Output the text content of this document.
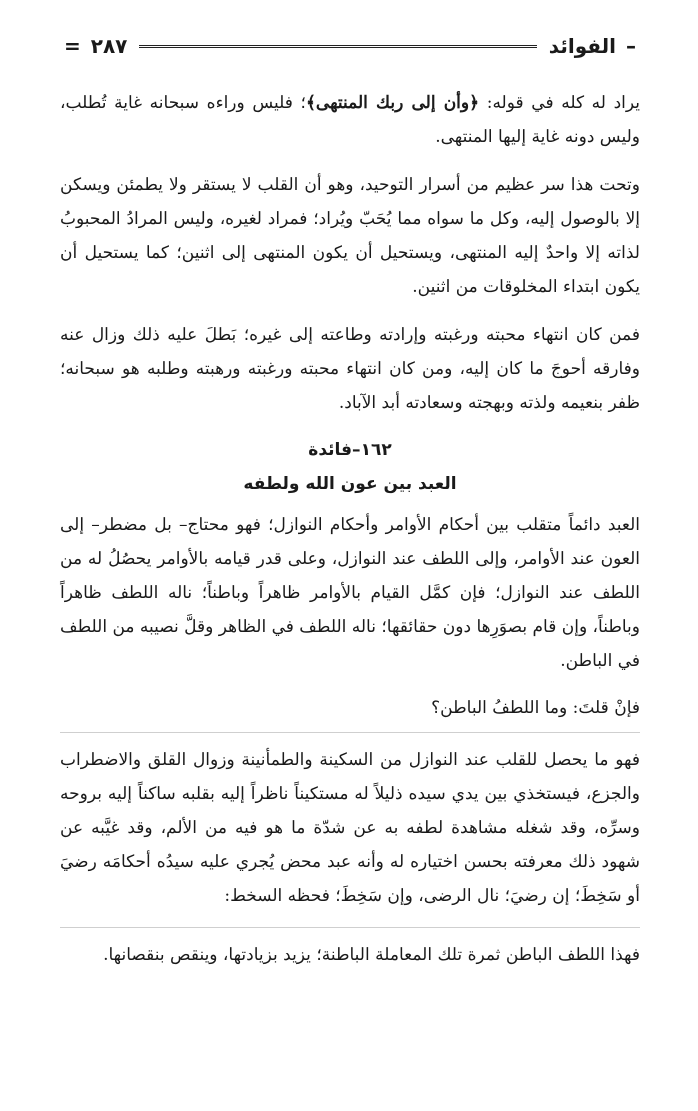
–
الفوائد
٢٨٧
=

يراد له كله في قوله: ﴿وأن إلى ربك المنتهى﴾؛ فليس وراءه سبحانه غاية تُطلب، وليس دونه غاية إليها المنتهى.

وتحت هذا سر عظيم من أسرار التوحيد، وهو أن القلب لا يستقر ولا يطمئن ويسكن إلا بالوصول إليه، وكل ما سواه مما يُحَبّ ويُراد؛ فمراد لغيره، وليس المرادُ المحبوبُ لذاته إلا واحدٌ إليه المنتهى، ويستحيل أن يكون المنتهى إلى اثنين؛ كما يستحيل أن يكون ابتداء المخلوقات من اثنين.

فمن كان انتهاء محبته ورغبته وإرادته وطاعته إلى غيره؛ بَطلَ عليه ذلك وزال عنه وفارقه أحوجَ ما كان إليه، ومن كان انتهاء محبته ورغبته ورهبته وطلبه هو سبحانه؛ ظفر بنعيمه ولذته وبهجته وسعادته أبد الآباد.

١٦٢–فائدة
العبد بين عون الله ولطفه

العبد دائماً متقلب بين أحكام الأوامر وأحكام النوازل؛ فهو محتاج– بل مضطر– إلى العون عند الأوامر، وإلى اللطف عند النوازل، وعلى قدر قيامه بالأوامر يحصُلُ له من اللطف عند النوازل؛ فإن كمَّل القيام بالأوامر ظاهراً وباطناً؛ ناله اللطف ظاهراً وباطناً، وإن قام بصوَرِها دون حقائقها؛ ناله اللطف في الظاهر وقلَّ نصيبه من اللطف في الباطن.

فإنْ قلتَ: وما اللطفُ الباطن؟

فهو ما يحصل للقلب عند النوازل من السكينة والطمأنينة وزوال القلق والاضطراب والجزع، فيستخذي بين يدي سيده ذليلاً له مستكيناً ناظراً إليه بقلبه ساكناً إليه بروحه وسرِّه، وقد شغله مشاهدة لطفه به عن شدّة ما هو فيه من الألم، وقد غيَّبه عن شهود ذلك معرفته بحسن اختياره له وأنه عبد محض يُجري عليه سيدُه أحكامَه رضيَ أو سَخِطَ؛ إن رضيَ؛ نال الرضى، وإن سَخِطَ؛ فحظه السخط:

فهذا اللطف الباطن ثمرة تلك المعاملة الباطنة؛ يزيد بزيادتها، وينقص بنقصانها.
